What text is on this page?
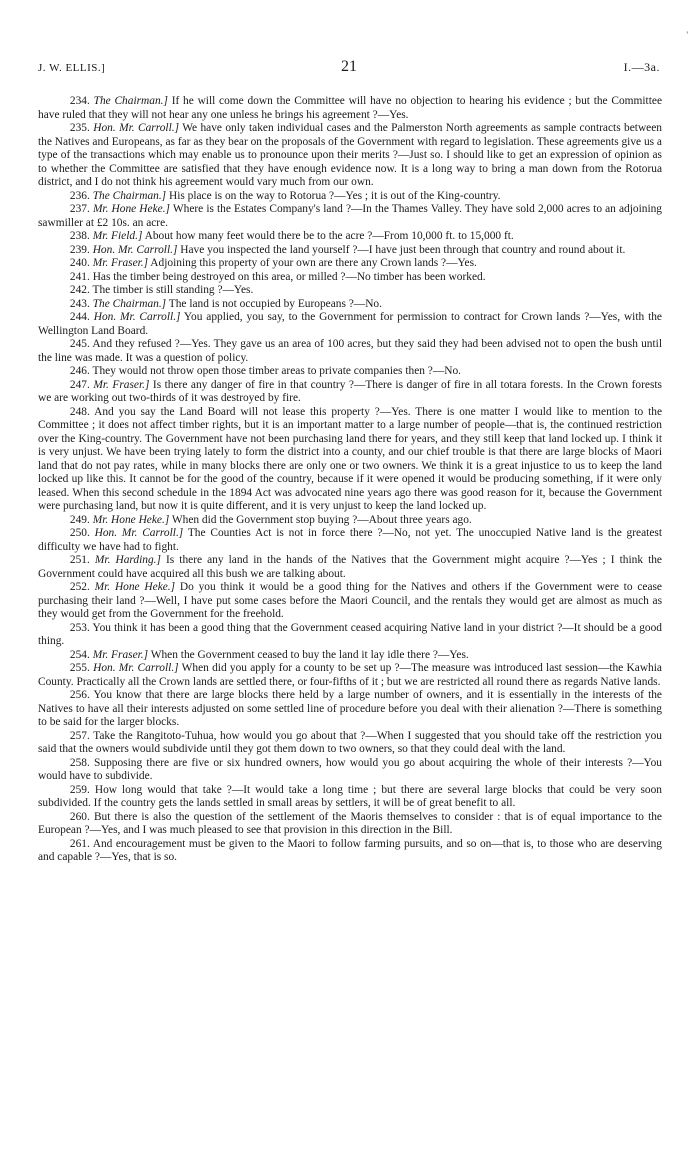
'
J. W. ELLIS.]	21	I.—3a.

234. The Chairman.] If he will come down the Committee will have no objection to hearing his evidence ; but the Committee have ruled that they will not hear any one unless he brings his agreement ?—Yes.

235. Hon. Mr. Carroll.] We have only taken individual cases and the Palmerston North agreements as sample contracts between the Natives and Europeans, as far as they bear on the proposals of the Government with regard to legislation. These agreements give us a type of the transactions which may enable us to pronounce upon their merits ?—Just so. I should like to get an expression of opinion as to whether the Committee are satisfied that they have enough evidence now. It is a long way to bring a man down from the Rotorua district, and I do not think his agreement would vary much from our own.

236. The Chairman.] His place is on the way to Rotorua ?—Yes ; it is out of the King-country.

237. Mr. Hone Heke.] Where is the Estates Company's land ?—In the Thames Valley. They have sold 2,000 acres to an adjoining sawmiller at £2 10s. an acre.

238. Mr. Field.] About how many feet would there be to the acre ?—From 10,000 ft. to 15,000 ft.

239. Hon. Mr. Carroll.] Have you inspected the land yourself ?—I have just been through that country and round about it.

240. Mr. Fraser.] Adjoining this property of your own are there any Crown lands ?—Yes.

241. Has the timber being destroyed on this area, or milled ?—No timber has been worked.

242. The timber is still standing ?—Yes.

243. The Chairman.] The land is not occupied by Europeans ?—No.

244. Hon. Mr. Carroll.] You applied, you say, to the Government for permission to contract for Crown lands ?—Yes, with the Wellington Land Board.

245. And they refused ?—Yes. They gave us an area of 100 acres, but they said they had been advised not to open the bush until the line was made. It was a question of policy.

246. They would not throw open those timber areas to private companies then ?—No.

247. Mr. Fraser.] Is there any danger of fire in that country ?—There is danger of fire in all totara forests. In the Crown forests we are working out two-thirds of it was destroyed by fire.

248. And you say the Land Board will not lease this property ?—Yes. There is one matter I would like to mention to the Committee ; it does not affect timber rights, but it is an important matter to a large number of people—that is, the continued restriction over the King-country. The Government have not been purchasing land there for years, and they still keep that land locked up. I think it is very unjust. We have been trying lately to form the district into a county, and our chief trouble is that there are large blocks of Maori land that do not pay rates, while in many blocks there are only one or two owners. We think it is a great injustice to us to keep the land locked up like this. It cannot be for the good of the country, because if it were opened it would be producing something, if it were only leased. When this second schedule in the 1894 Act was advocated nine years ago there was good reason for it, because the Government were purchasing land, but now it is quite different, and it is very unjust to keep the land locked up.

249. Mr. Hone Heke.] When did the Government stop buying ?—About three years ago.

250. Hon. Mr. Carroll.] The Counties Act is not in force there ?—No, not yet. The unoccupied Native land is the greatest difficulty we have had to fight.

251. Mr. Harding.] Is there any land in the hands of the Natives that the Government might acquire ?—Yes ; I think the Government could have acquired all this bush we are talking about.

252. Mr. Hone Heke.] Do you think it would be a good thing for the Natives and others if the Government were to cease purchasing their land ?—Well, I have put some cases before the Maori Council, and the rentals they would get are almost as much as they would get from the Government for the freehold.

253. You think it has been a good thing that the Government ceased acquiring Native land in your district ?—It should be a good thing.

254. Mr. Fraser.] When the Government ceased to buy the land it lay idle there ?—Yes.

255. Hon. Mr. Carroll.] When did you apply for a county to be set up ?—The measure was introduced last session—the Kawhia County. Practically all the Crown lands are settled there, or four-fifths of it ; but we are restricted all round there as regards Native lands.

256. You know that there are large blocks there held by a large number of owners, and it is essentially in the interests of the Natives to have all their interests adjusted on some settled line of procedure before you deal with their alienation ?—There is something to be said for the larger blocks.

257. Take the Rangitoto-Tuhua, how would you go about that ?—When I suggested that you should take off the restriction you said that the owners would subdivide until they got them down to two owners, so that they could deal with the land.

258. Supposing there are five or six hundred owners, how would you go about acquiring the whole of their interests ?—You would have to subdivide.

259. How long would that take ?—It would take a long time ; but there are several large blocks that could be very soon subdivided. If the country gets the lands settled in small areas by settlers, it will be of great benefit to all.

260. But there is also the question of the settlement of the Maoris themselves to consider : that is of equal importance to the European ?—Yes, and I was much pleased to see that provision in this direction in the Bill.

261. And encouragement must be given to the Maori to follow farming pursuits, and so on—that is, to those who are deserving and capable ?—Yes, that is so.
